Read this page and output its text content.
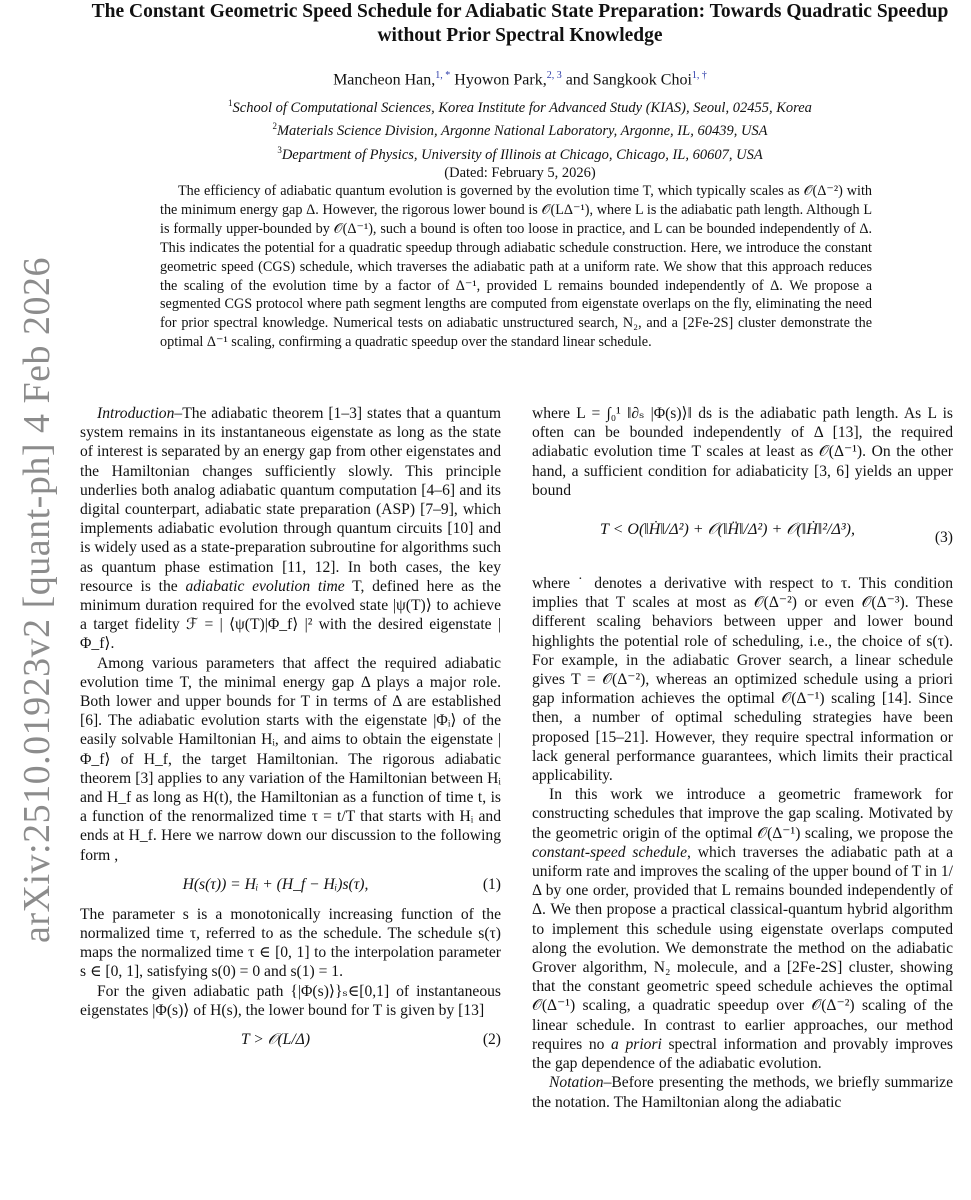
The Constant Geometric Speed Schedule for Adiabatic State Preparation: Towards Quadratic Speedup without Prior Spectral Knowledge
Mancheon Han,$^{1, *}$ Hyowon Park,$^{2, 3}$ and Sangkook Choi$^{1, \dagger}$
$^1$School of Computational Sciences, Korea Institute for Advanced Study (KIAS), Seoul, 02455, Korea
$^2$Materials Science Division, Argonne National Laboratory, Argonne, IL, 60439, USA
$^3$Department of Physics, University of Illinois at Chicago, Chicago, IL, 60607, USA
(Dated: February 5, 2026)
The efficiency of adiabatic quantum evolution is governed by the evolution time T, which typically scales as 𝒪(Δ⁻²) with the minimum energy gap Δ. However, the rigorous lower bound is 𝒪(LΔ⁻¹), where L is the adiabatic path length. Although L is formally upper-bounded by 𝒪(Δ⁻¹), such a bound is often too loose in practice, and L can be bounded independently of Δ. This indicates the potential for a quadratic speedup through adiabatic schedule construction. Here, we introduce the constant geometric speed (CGS) schedule, which traverses the adiabatic path at a uniform rate. We show that this approach reduces the scaling of the evolution time by a factor of Δ⁻¹, provided L remains bounded independently of Δ. We propose a segmented CGS protocol where path segment lengths are computed from eigenstate overlaps on the fly, eliminating the need for prior spectral knowledge. Numerical tests on adiabatic unstructured search, N₂, and a [2Fe-2S] cluster demonstrate the optimal Δ⁻¹ scaling, confirming a quadratic speedup over the standard linear schedule.
arXiv:2510.01923v2 [quant-ph] 4 Feb 2026	Introduction–The adiabatic theorem [1–3] states that a quantum system remains in its instantaneous eigenstate as long as the state of interest is separated by an energy gap from other eigenstates and the Hamiltonian changes sufficiently slowly. This principle underlies both analog adiabatic quantum computation [4–6] and its digital counterpart, adiabatic state preparation (ASP) [7–9], which implements adiabatic evolution through quantum circuits [10] and is widely used as a state-preparation subroutine for algorithms such as quantum phase estimation [11, 12]. In both cases, the key resource is the adiabatic evolution time T, defined here as the minimum duration required for the evolved state |ψ(T)⟩ to achieve a target fidelity ℱ = | ⟨ψ(T)|Φ_f⟩ |² with the desired eigenstate |Φ_f⟩.

Among various parameters that affect the required adiabatic evolution time T, the minimal energy gap Δ plays a major role. Both lower and upper bounds for T in terms of Δ are established [6]. The adiabatic evolution starts with the eigenstate |Φᵢ⟩ of the easily solvable Hamiltonian Hᵢ, and aims to obtain the eigenstate |Φ_f⟩ of H_f, the target Hamiltonian. The rigorous adiabatic theorem [3] applies to any variation of the Hamiltonian between Hᵢ and H_f as long as H(t), the Hamiltonian as a function of time t, is a function of the renormalized time τ = t/T that starts with Hᵢ and ends at H_f. Here we narrow down our discussion to the following form ,

H(s(τ)) = Hᵢ + (H_f − Hᵢ)s(τ),	(1)

The parameter s is a monotonically increasing function of the normalized time τ, referred to as the schedule. The schedule s(τ) maps the normalized time τ ∈ [0, 1] to the interpolation parameter s ∈ [0, 1], satisfying s(0) = 0 and s(1) = 1.

For the given adiabatic path {|Φ(s)⟩}ₛ∈[0,1] of instantaneous eigenstates |Φ(s)⟩ of H(s), the lower bound for T is given by [13]

T > 𝒪(L/Δ)	(2)

where L = ∫₀¹ ‖∂ₛ |Φ(s)⟩‖ ds is the adiabatic path length. As L is often can be bounded independently of Δ [13], the required adiabatic evolution time T scales at least as 𝒪(Δ⁻¹). On the other hand, a sufficient condition for adiabaticity [3, 6] yields an upper bound

T < O(‖Ḣ‖/Δ²) + 𝒪(‖Ḧ‖/Δ²) + 𝒪(‖Ḣ‖²/Δ³),	(3)

where ˙ denotes a derivative with respect to τ. This condition implies that T scales at most as 𝒪(Δ⁻²) or even 𝒪(Δ⁻³). These different scaling behaviors between upper and lower bound highlights the potential role of scheduling, i.e., the choice of s(τ). For example, in the adiabatic Grover search, a linear schedule gives T = 𝒪(Δ⁻²), whereas an optimized schedule using a priori gap information achieves the optimal 𝒪(Δ⁻¹) scaling [14]. Since then, a number of optimal scheduling strategies have been proposed [15–21]. However, they require spectral information or lack general performance guarantees, which limits their practical applicability.

In this work we introduce a geometric framework for constructing schedules that improve the gap scaling. Motivated by the geometric origin of the optimal 𝒪(Δ⁻¹) scaling, we propose the constant-speed schedule, which traverses the adiabatic path at a uniform rate and improves the scaling of the upper bound of T in 1/Δ by one order, provided that L remains bounded independently of Δ. We then propose a practical classical-quantum hybrid algorithm to implement this schedule using eigenstate overlaps computed along the evolution. We demonstrate the method on the adiabatic Grover algorithm, N₂ molecule, and a [2Fe-2S] cluster, showing that the constant geometric speed schedule achieves the optimal 𝒪(Δ⁻¹) scaling, a quadratic speedup over 𝒪(Δ⁻²) scaling of the linear schedule. In contrast to earlier approaches, our method requires no a priori spectral information and provably improves the gap dependence of the adiabatic evolution.

Notation–Before presenting the methods, we briefly summarize the notation. The Hamiltonian along the adiabatic
